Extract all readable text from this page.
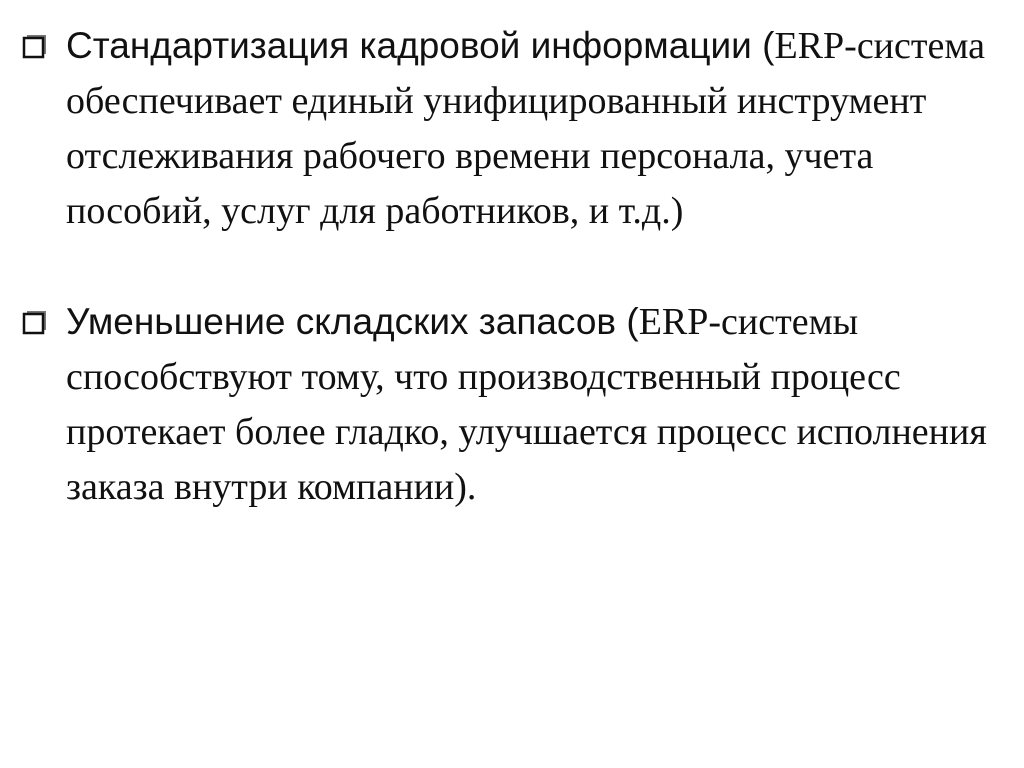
Стандартизация кадровой информации (ERP-система обеспечивает единый унифицированный инструмент отслеживания рабочего времени персонала, учета пособий, услуг для работников, и т.д.)
Уменьшение складских запасов (ERP-системы способствуют тому, что производственный процесс протекает более гладко, улучшается процесс исполнения заказа внутри компании).
